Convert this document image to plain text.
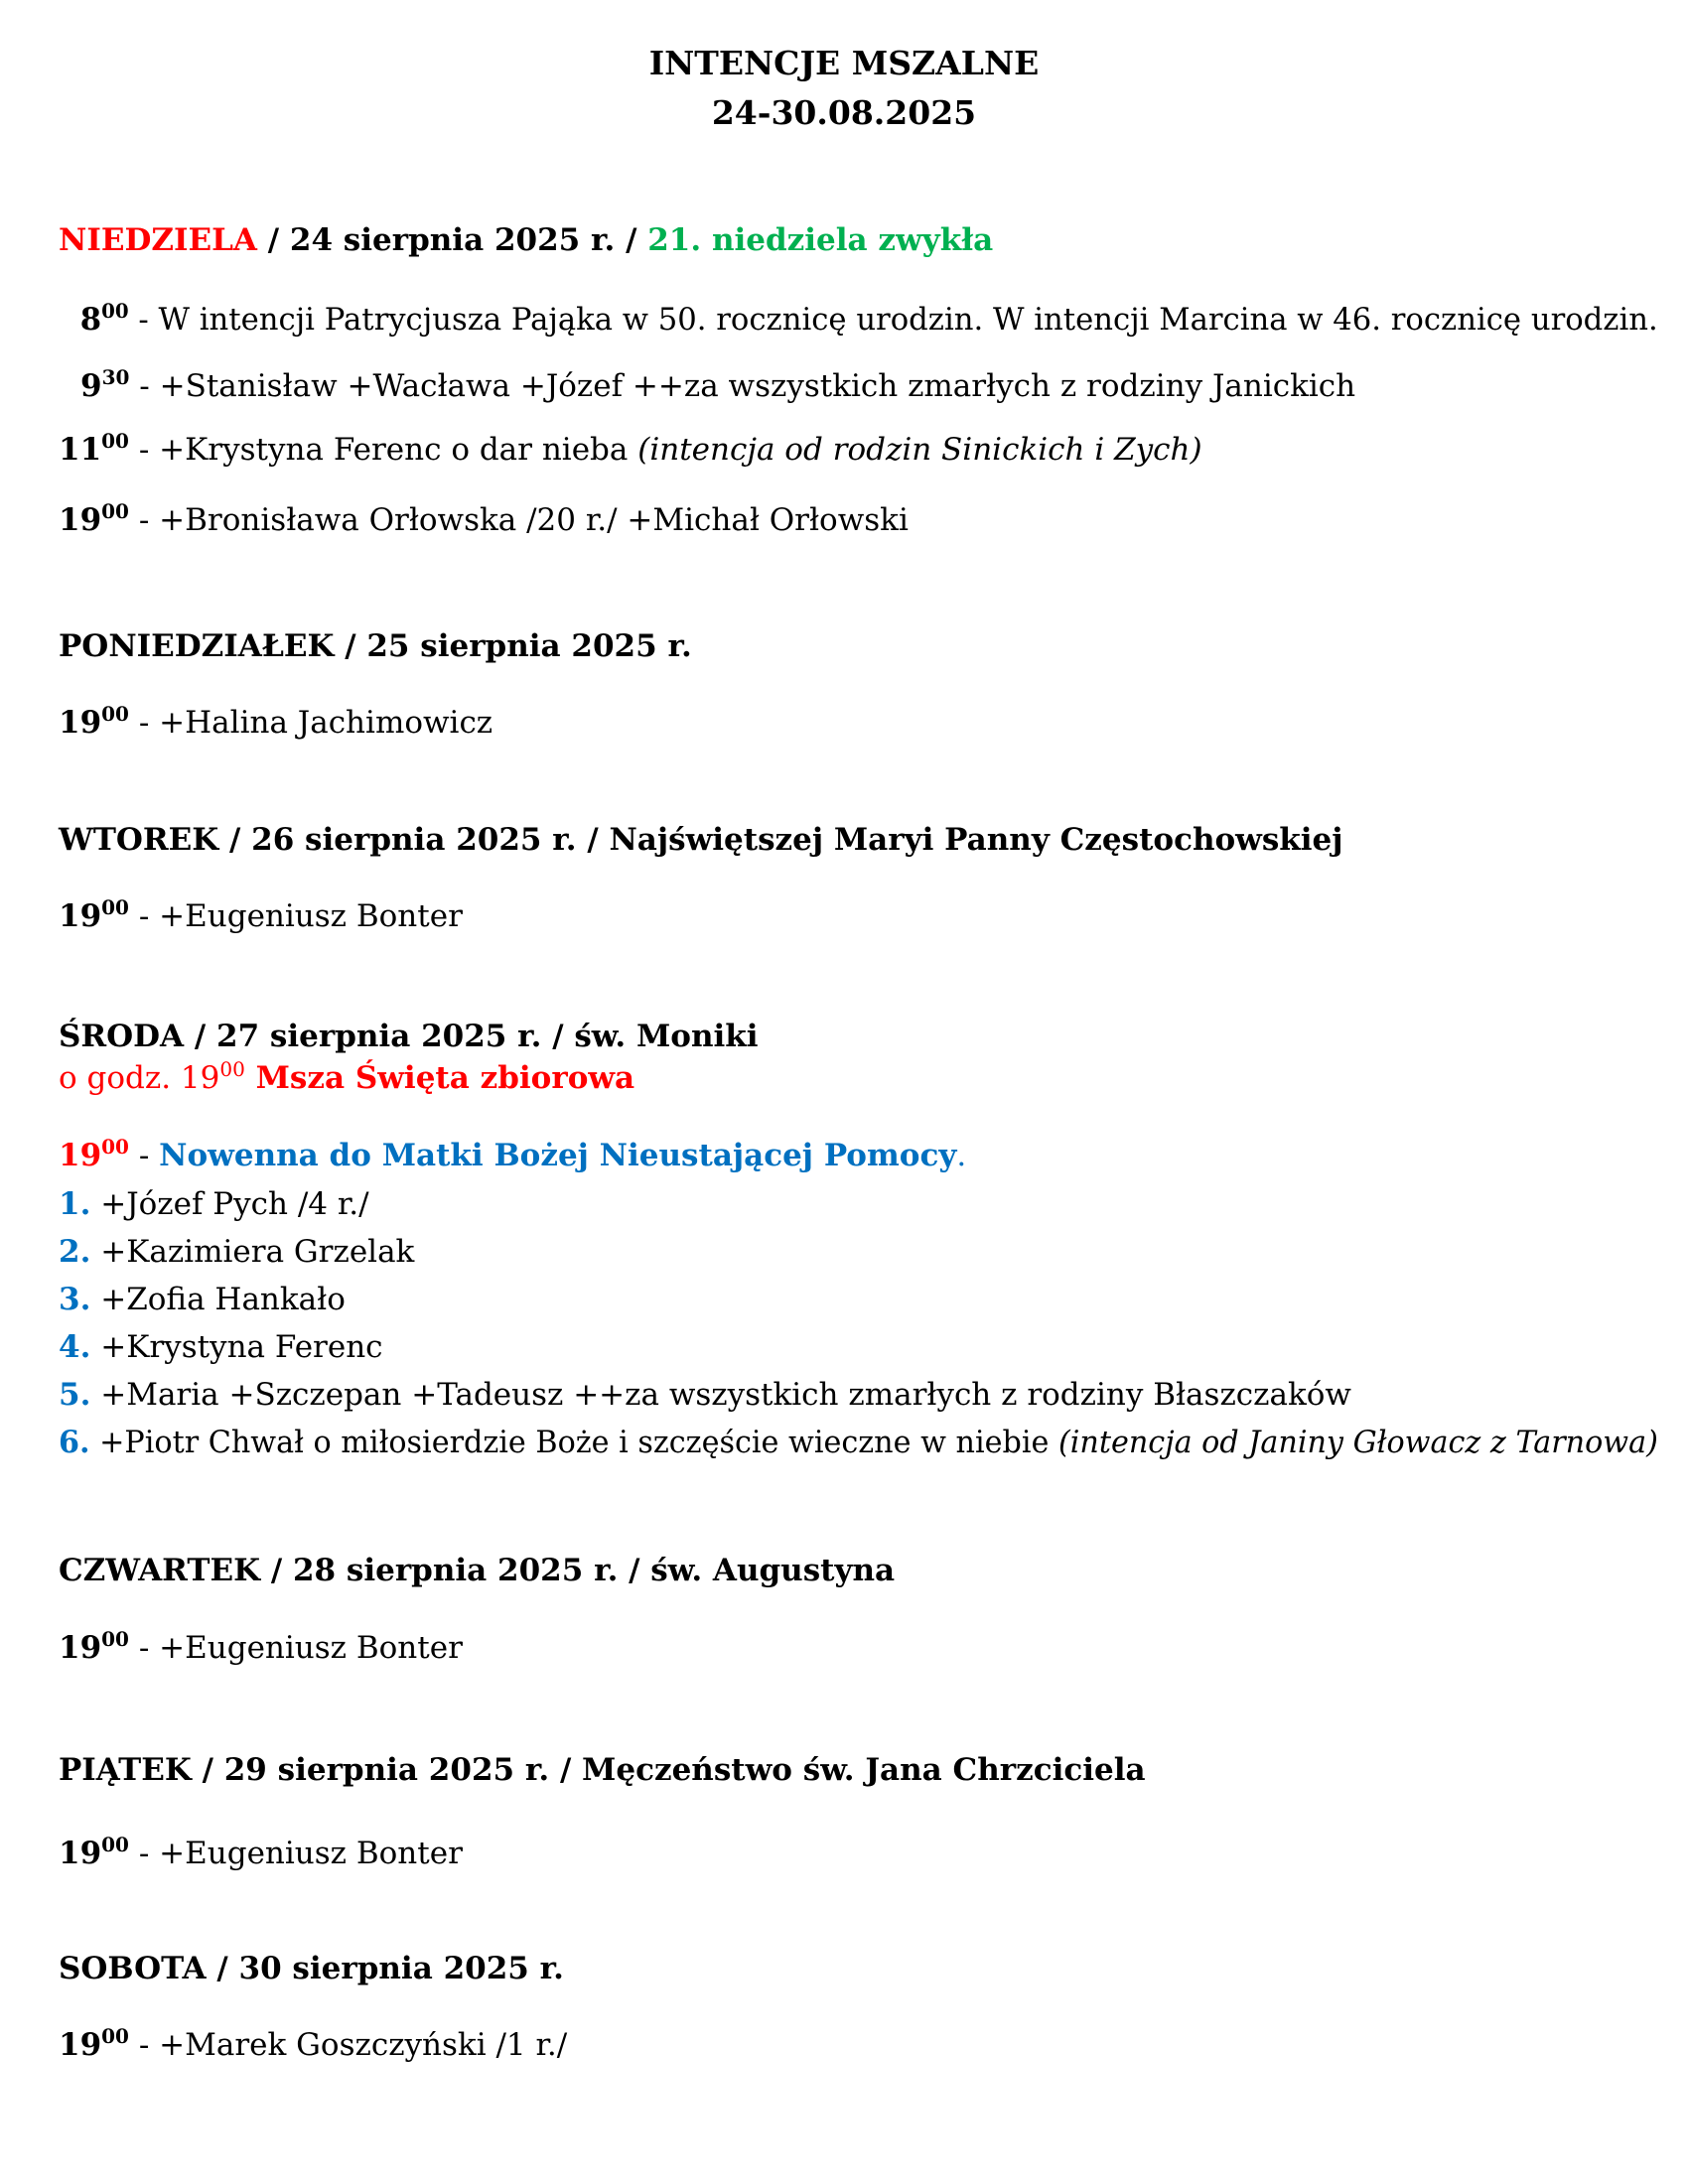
INTENCJE MSZALNE
24-30.08.2025
NIEDZIELA / 24 sierpnia 2025 r. / 21. niedziela zwykła
$8^{00}$ - W intencji Patrycjusza Pająka w 50. rocznicę urodzin. W intencji Marcina w 46. rocznicę urodzin.
$9^{30}$ - +Stanisław +Wacława +Józef ++za wszystkich zmarłych z rodziny Janickich
$11^{00}$ - +Krystyna Ferenc o dar nieba (intencja od rodzin Sinickich i Zych)
$19^{00}$ - +Bronisława Orłowska /20 r./ +Michał Orłowski
PONIEDZIAŁEK / 25 sierpnia 2025 r.
$19^{00}$ - +Halina Jachimowicz
WTOREK / 26 sierpnia 2025 r. / Najświętszej Maryi Panny Częstochowskiej
$19^{00}$ - +Eugeniusz Bonter
ŚRODA / 27 sierpnia 2025 r. / św. Moniki
o godz. $19^{00}$ Msza Święta zbiorowa
$19^{00}$ - Nowenna do Matki Bożej Nieustającej Pomocy.
1. +Józef Pych /4 r./
2. +Kazimiera Grzelak
3. +Zofia Hankało
4. +Krystyna Ferenc
5. +Maria +Szczepan +Tadeusz ++za wszystkich zmarłych z rodziny Błaszczaków
6. +Piotr Chwał o miłosierdzie Boże i szczęście wieczne w niebie (intencja od Janiny Głowacz z Tarnowa)
CZWARTEK / 28 sierpnia 2025 r. / św. Augustyna
$19^{00}$ - +Eugeniusz Bonter
PIĄTEK / 29 sierpnia 2025 r. / Męczeństwo św. Jana Chrzciciela
$19^{00}$ - +Eugeniusz Bonter
SOBOTA / 30 sierpnia 2025 r.
$19^{00}$ - +Marek Goszczyński /1 r./
